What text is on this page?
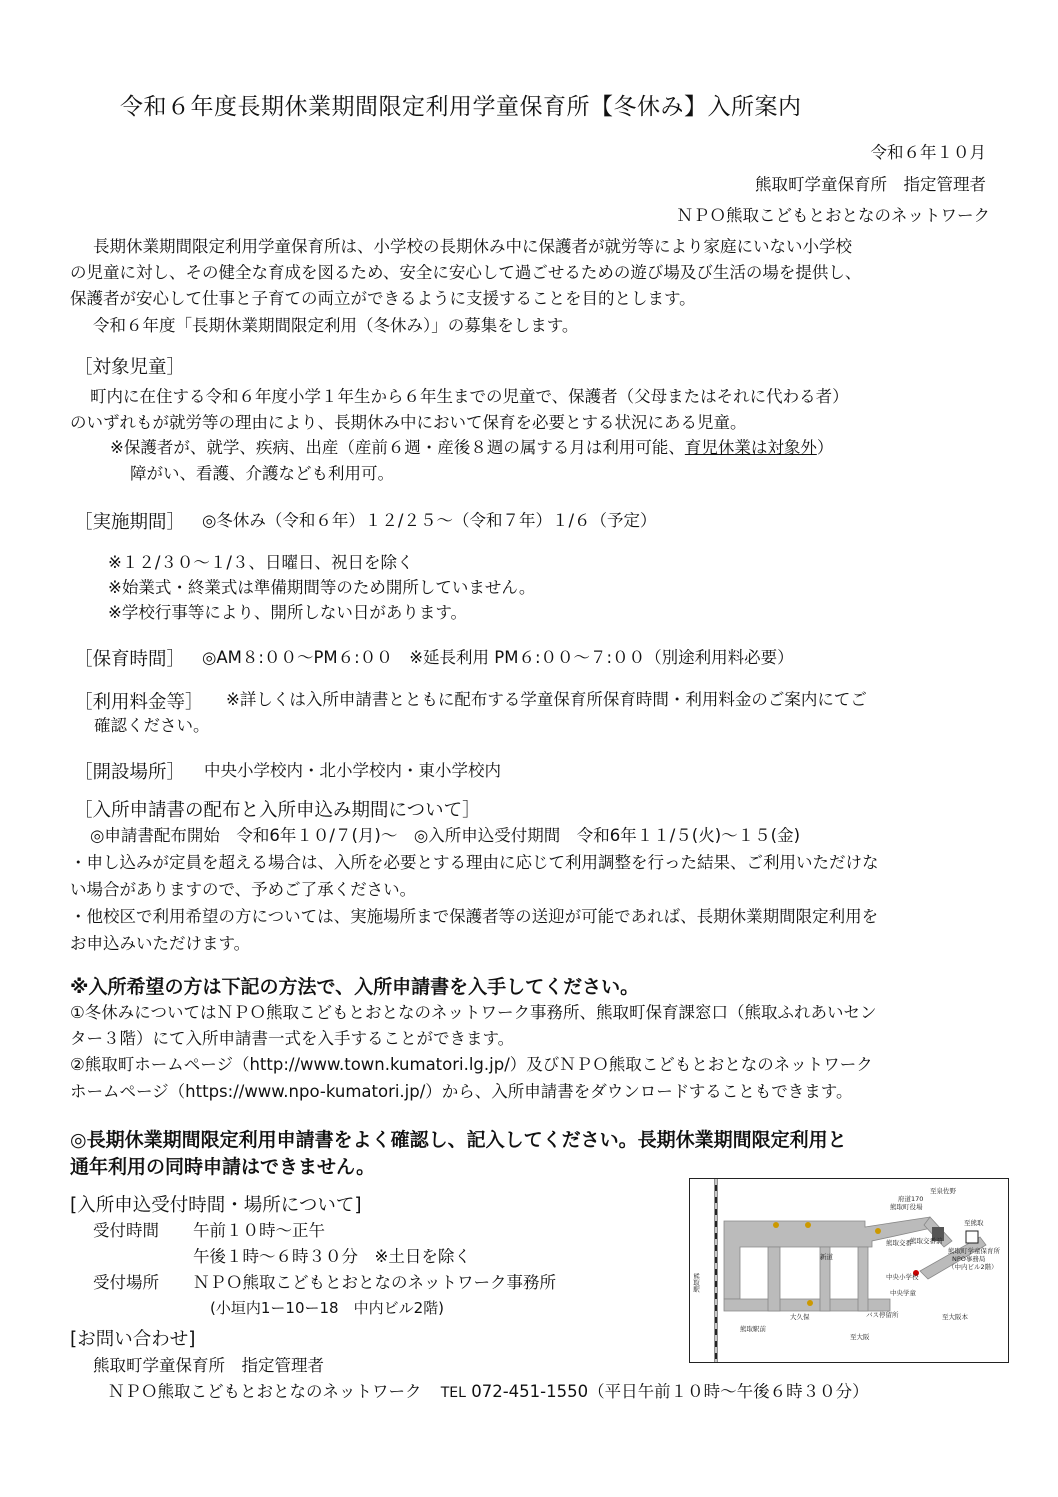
令和６年度長期休業期間限定利用学童保育所【冬休み】入所案内
令和６年１０月
熊取町学童保育所　指定管理者
ＮＰＯ熊取こどもとおとなのネットワーク
長期休業期間限定利用学童保育所は、小学校の長期休み中に保護者が就労等により家庭にいない小学校
の児童に対し、その健全な育成を図るため、安全に安心して過ごせるための遊び場及び生活の場を提供し、
保護者が安心して仕事と子育ての両立ができるように支援することを目的とします。
令和６年度「長期休業期間限定利用（冬休み）」の募集をします。
［対象児童］
町内に在住する令和６年度小学１年生から６年生までの児童で、保護者（父母またはそれに代わる者）
のいずれもが就労等の理由により、長期休み中において保育を必要とする状況にある児童。
※保護者が、就学、疾病、出産（産前６週・産後８週の属する月は利用可能、育児休業は対象外）
障がい、看護、介護なども利用可。
［実施期間］ ◎冬休み（令和６年）１２/２５～（令和７年）１/６（予定）
※１２/３０～１/３、日曜日、祝日を除く
※始業式・終業式は準備期間等のため開所していません。
※学校行事等により、開所しない日があります。
［保育時間］ ◎AM８:００～PM６:００　※延長利用 PM６:００～７:００（別途利用料必要）
［利用料金等］ ※詳しくは入所申請書とともに配布する学童保育所保育時間・利用料金のご案内にてご
確認ください。
［開設場所］ 中央小学校内・北小学校内・東小学校内
［入所申請書の配布と入所申込み期間について］
◎申請書配布開始　令和6年１０/７(月)～　◎入所申込受付期間　令和6年１１/５(火)～１５(金)
・申し込みが定員を超える場合は、入所を必要とする理由に応じて利用調整を行った結果、ご利用いただけな
い場合がありますので、予めご了承ください。
・他校区で利用希望の方については、実施場所まで保護者等の送迎が可能であれば、長期休業期間限定利用を
お申込みいただけます。
※入所希望の方は下記の方法で、入所申請書を入手してください。
①冬休みについてはＮＰＯ熊取こどもとおとなのネットワーク事務所、熊取町保育課窓口（熊取ふれあいセン
ター３階）にて入所申請書一式を入手することができます。
②熊取町ホームページ（http://www.town.kumatori.lg.jp/）及びＮＰＯ熊取こどもとおとなのネットワーク
ホームページ（https://www.npo-kumatori.jp/）から、入所申請書をダウンロードすることもできます。
◎長期休業期間限定利用申請書をよく確認し、記入してください。長期休業期間限定利用と
通年利用の同時申請はできません。
[入所申込受付時間・場所について]
受付時間 午前１０時～正午
午後１時～６時３０分　※土日を除く
受付場所 ＮＰＯ熊取こどもとおとなのネットワーク事務所
(小垣内1ー10ー18　中内ビル2階)
[お問い合わせ]
熊取町学童保育所　指定管理者
ＮＰＯ熊取こどもとおとなのネットワーク TEL 072-451-1550（平日午前１０時～午後６時３０分）
熊取交番
中央小学校
新道
中央学童
バス停留所
大久保
至大阪
府道170
熊取町役場
至泉佐野
至熊取
至大阪本
熊取町学童保育所
NPO事務局
（中内ビル2階）
熊取駅前
熊取交番前
熊取駅
